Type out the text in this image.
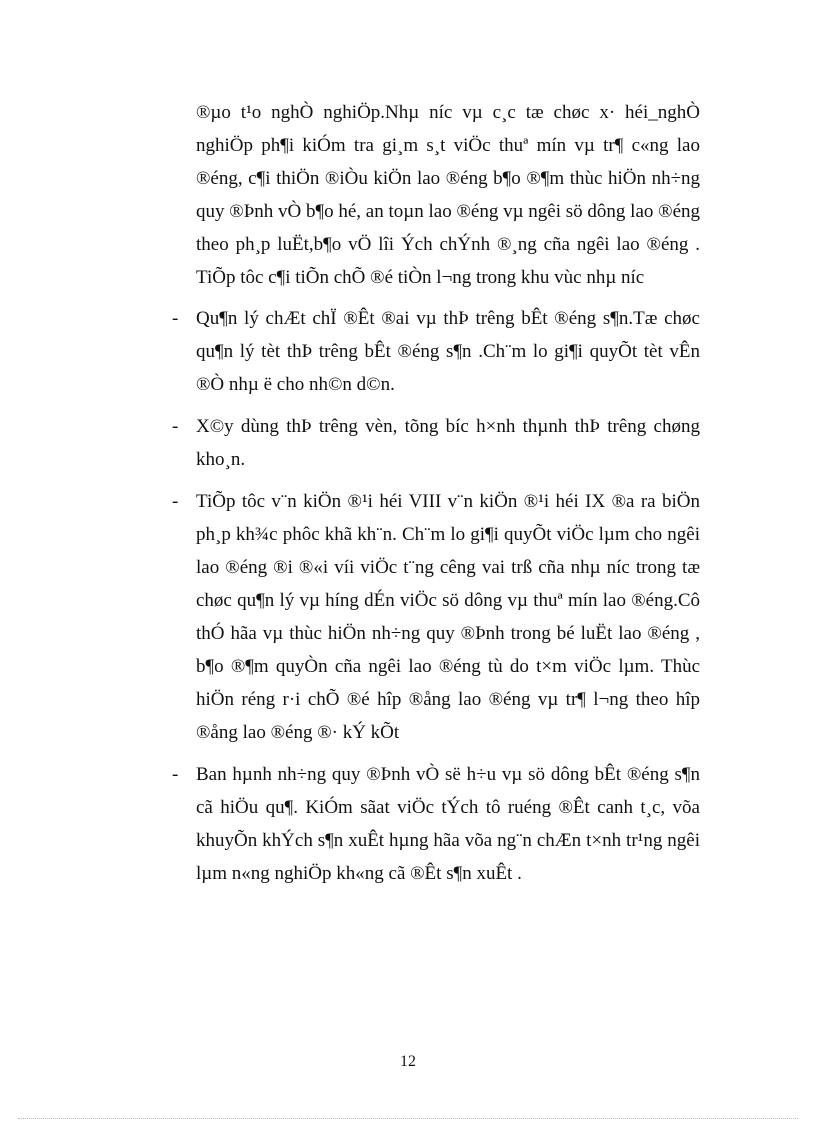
®µo t¹o nghÒ nghiÖp.Nhµ níc vµ c¸c tæ chøc x· héi_nghÒ nghiÖp ph¶i kiÓm tra gi¸m s¸t viÖc thuª mín vµ tr¶ c«ng lao ®éng, c¶i thiÖn ®iÒu kiÖn lao ®éng b¶o ®¶m thùc hiÖn nh÷ng quy ®Þnh vÒ b¶o hé, an toµn lao ®éng vµ ngêi sö dông lao ®éng theo ph¸p luËt,b¶o vÖ lîi Ých chÝnh ®¸ng cña ngêi lao ®éng . TiÕp tôc c¶i tiÕn chÕ ®é tiÒn l¬ng trong khu vùc nhµ níc

- Qu¶n lý chÆt chÏ ®Êt ®ai vµ thÞ trêng bÊt ®éng s¶n.Tæ chøc qu¶n lý tèt thÞ trêng bÊt ®éng s¶n .Ch¨m lo gi¶i quyÕt tèt vÊn ®Ò nhµ ë cho nh©n d©n.
- X©y dùng thÞ trêng vèn, tõng bíc h×nh thµnh thÞ trêng chøng kho¸n.
- TiÕp tôc v¨n kiÖn ®¹i héi VIII v¨n kiÖn ®¹i héi IX ®a ra biÖn ph¸p kh¾c phôc khã kh¨n. Ch¨m lo gi¶i quyÕt viÖc lµm cho ngêi lao ®éng ®i ®«i víi viÖc t¨ng cêng vai trß cña nhµ níc trong tæ chøc qu¶n lý vµ híng dÉn viÖc sö dông vµ thuª mín lao ®éng.Cô thÓ hãa vµ thùc hiÖn nh÷ng quy ®Þnh trong bé luËt lao ®éng , b¶o ®¶m quyÒn cña ngêi lao ®éng tù do t×m viÖc lµm. Thùc hiÖn réng r·i chÕ ®é hîp ®ång lao ®éng vµ tr¶ l¬ng theo hîp ®ång lao ®éng ®· kÝ kÕt
- Ban hµnh nh÷ng quy ®Þnh vÒ së h÷u vµ sö dông bÊt ®éng s¶n cã hiÖu qu¶. KiÓm sãat viÖc tÝch tô ruéng ®Êt canh t¸c, võa khuyÕn khÝch s¶n xuÊt hµng hãa võa ng¨n chÆn t×nh tr¹ng ngêi lµm n«ng nghiÖp kh«ng cã ®Êt s¶n xuÊt .
12
